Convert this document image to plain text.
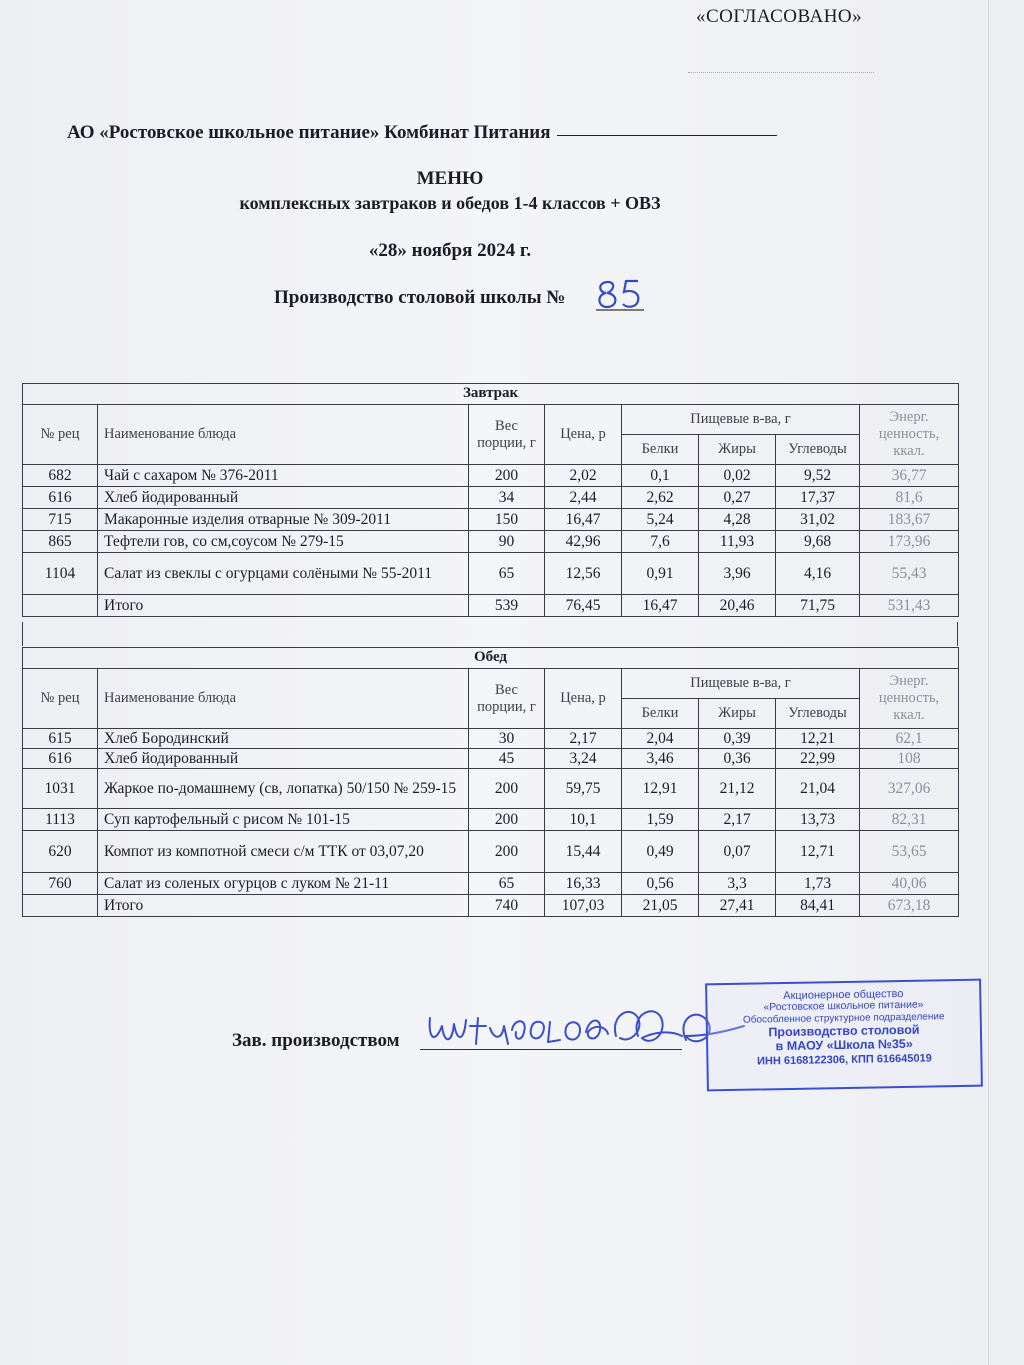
«СОГЛАСОВАНО»
АО «Ростовское школьное питание» Комбинат Питания
МЕНЮ
комплексных завтраков и обедов 1-4 классов + ОВЗ
«28» ноября 2024 г.
Производство столовой школы №
Завтрак							
№ рец	Наименование блюда	Вес порции, г	Цена, р	Пищевые в-ва, г			Энерг. ценность, ккал.
				Белки	Жиры	Углеводы	
682	Чай с сахаром № 376-2011	200	2,02	0,1	0,02	9,52	36,77
616	Хлеб йодированный	34	2,44	2,62	0,27	17,37	81,6
715	Макаронные изделия отварные № 309-2011	150	16,47	5,24	4,28	31,02	183,67
865	Тефтели гов, со см,соусом № 279-15	90	42,96	7,6	11,93	9,68	173,96
1104	Салат из свеклы с огурцами солёными № 55-2011	65	12,56	0,91	3,96	4,16	55,43
	Итого	539	76,45	16,47	20,46	71,75	531,43
Обед							
№ рец	Наименование блюда	Вес порции, г	Цена, р	Пищевые в-ва, г			Энерг. ценность, ккал.
				Белки	Жиры	Углеводы	
615	Хлеб Бородинский	30	2,17	2,04	0,39	12,21	62,1
616	Хлеб йодированный	45	3,24	3,46	0,36	22,99	108
1031	Жаркое по-домашнему (св, лопатка) 50/150 № 259-15	200	59,75	12,91	21,12	21,04	327,06
1113	Суп картофельный с рисом № 101-15	200	10,1	1,59	2,17	13,73	82,31
620	Компот из компотной смеси с/м ТТК от 03,07,20	200	15,44	0,49	0,07	12,71	53,65
760	Салат из соленых огурцов с луком № 21-11	65	16,33	0,56	3,3	1,73	40,06
	Итого	740	107,03	21,05	27,41	84,41	673,18
Зав. производством
Акционерное общество
«Ростовское школьное питание»
Обособленное структурное подразделение
Производство столовой
в МАОУ «Школа №35»
ИНН 6168122306, КПП 616645019
